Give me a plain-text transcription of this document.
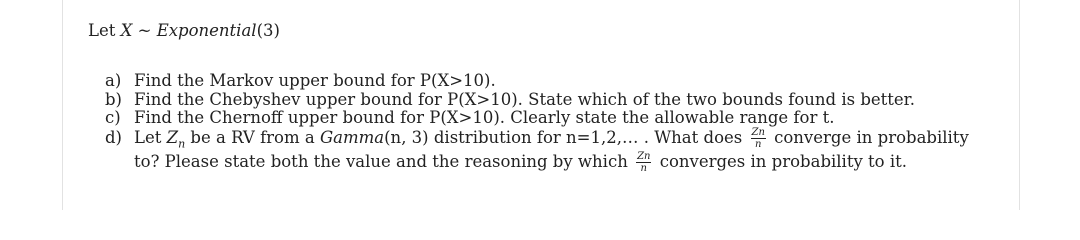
Let X ~ Exponential(3)
a) Find the Markov upper bound for P(X>10).
b) Find the Chebyshev upper bound for P(X>10). State which of the two bounds found is better.
c) Find the Chernoff upper bound for P(X>10). Clearly state the allowable range for t.
d) Let $Z_n$ be a RV from a Gamma(n, 3) distribution for n=1,2,… . What does $\frac{Zn}{n}$ converge in probability
to? Please state both the value and the reasoning by which $\frac{Zn}{n}$ converges in probability to it.
